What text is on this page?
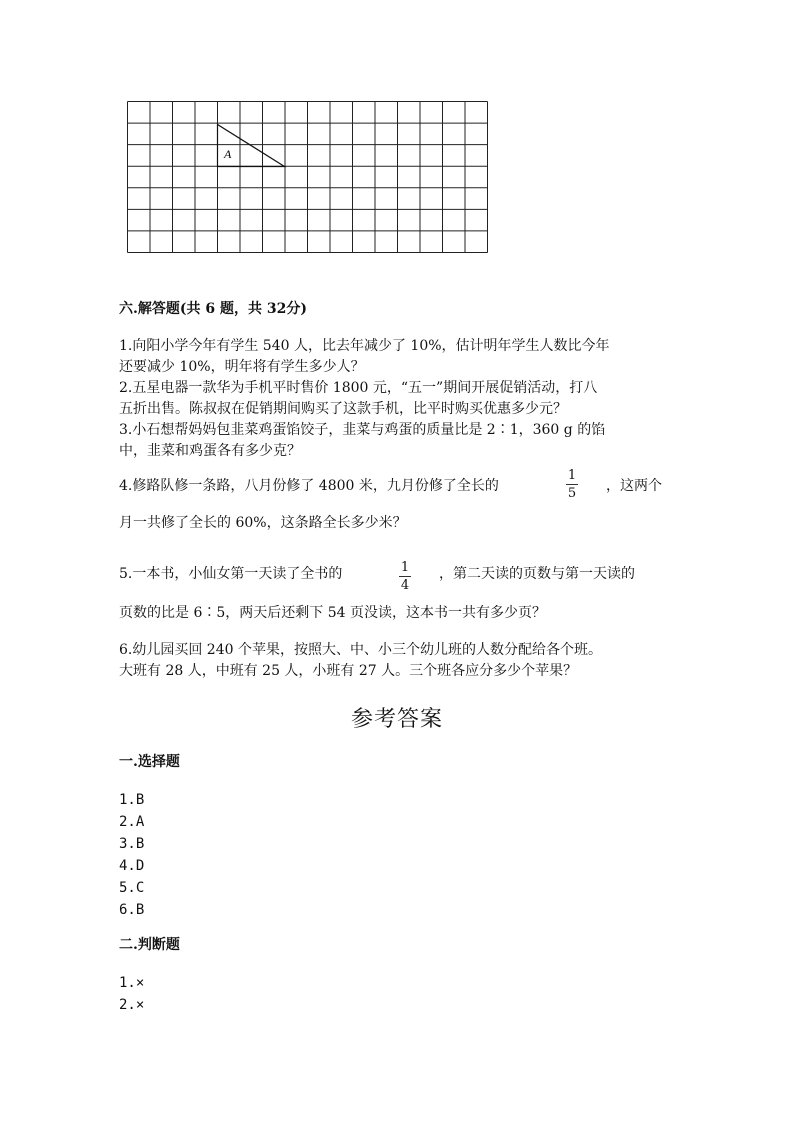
A
六.解答题(共 6 题，共 32分)
1.向阳小学今年有学生 540 人，比去年减少了 10%，估计明年学生人数比今年
还要减少 10%，明年将有学生多少人？
2.五星电器一款华为手机平时售价 1800 元，“五一”期间开展促销活动，打八
五折出售。陈叔叔在促销期间购买了这款手机，比平时购买优惠多少元？
3.小石想帮妈妈包韭菜鸡蛋馅饺子，韭菜与鸡蛋的质量比是 2∶1，360 g 的馅
中，韭菜和鸡蛋各有多少克？
4.修路队修一条路，八月份修了 4800 米，九月份修了全长的
1
5 ，这两个
月一共修了全长的 60%，这条路全长多少米？
5.一本书，小仙女第一天读了全书的	1
4
，第二天读的页数与第一天读的
页数的比是 6∶5，两天后还剩下 54 页没读，这本书一共有多少页？
6.幼儿园买回 240 个苹果，按照大、中、小三个幼儿班的人数分配给各个班。
大班有 28 人，中班有 25 人，小班有 27 人。三个班各应分多少个苹果？
参考答案
一.选择题
1.B
2.A
3.B
4.D
5.C
6.B
二.判断题
1.×
2.×
